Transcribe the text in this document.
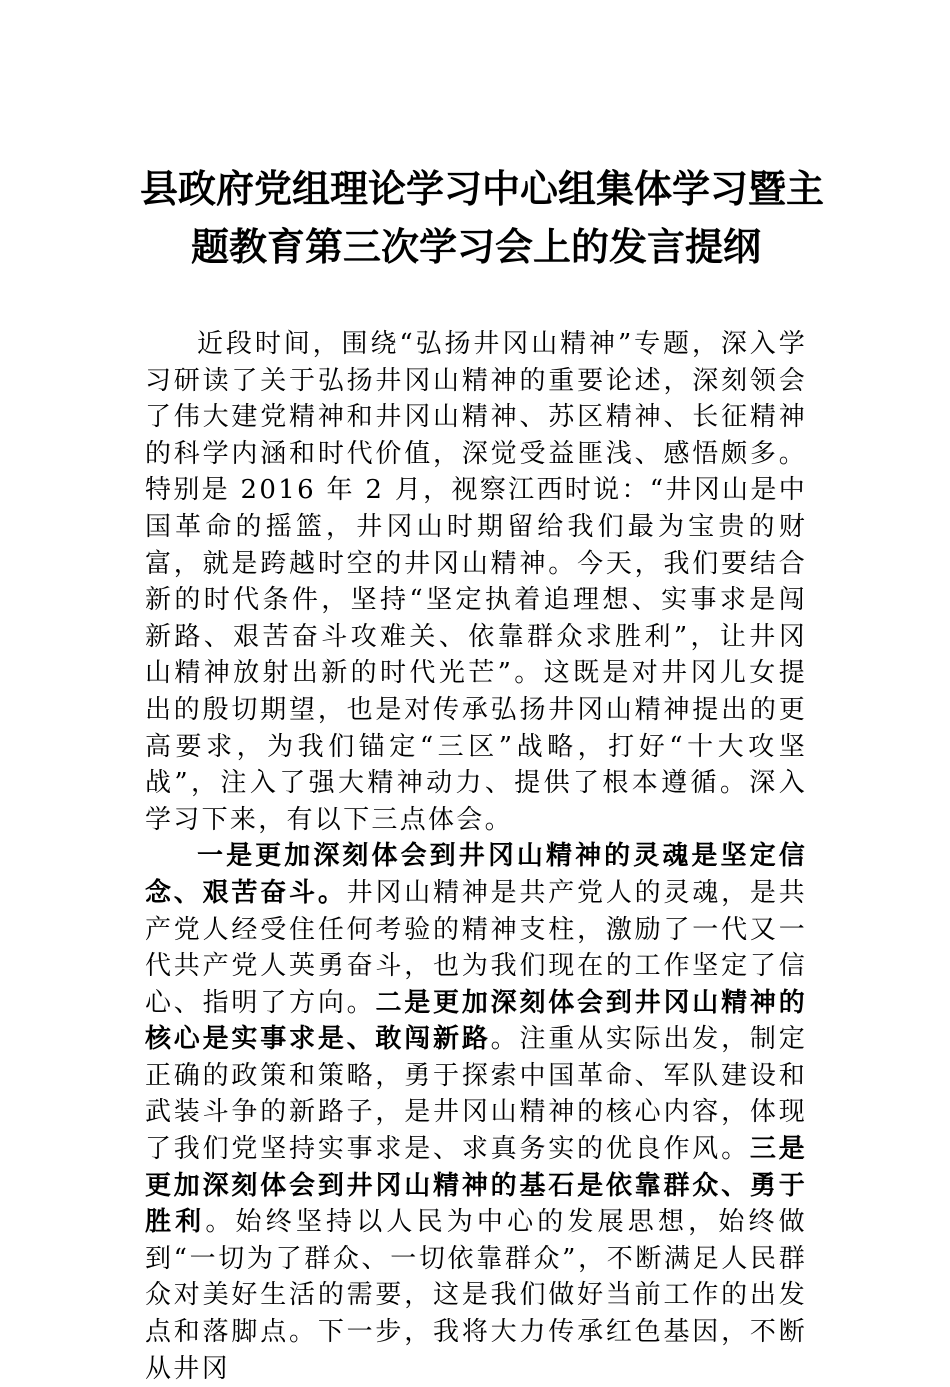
县政府党组理论学习中心组集体学习暨主
题教育第三次学习会上的发言提纲

近段时间，围绕“弘扬井冈山精神”专题，深入学习研读了关于弘扬井冈山精神的重要论述，深刻领会了伟大建党精神和井冈山精神、苏区精神、长征精神的科学内涵和时代价值，深觉受益匪浅、感悟颇多。特别是 2016 年 2 月，视察江西时说：“井冈山是中国革命的摇篮，井冈山时期留给我们最为宝贵的财富，就是跨越时空的井冈山精神。今天，我们要结合新的时代条件，坚持“坚定执着追理想、实事求是闯新路、艰苦奋斗攻难关、依靠群众求胜利”，让井冈山精神放射出新的时代光芒”。这既是对井冈儿女提出的殷切期望，也是对传承弘扬井冈山精神提出的更高要求，为我们锚定“三区”战略，打好“十大攻坚战”，注入了强大精神动力、提供了根本遵循。深入学习下来，有以下三点体会。

一是更加深刻体会到井冈山精神的灵魂是坚定信念、艰苦奋斗。井冈山精神是共产党人的灵魂，是共产党人经受住任何考验的精神支柱，激励了一代又一代共产党人英勇奋斗，也为我们现在的工作坚定了信心、指明了方向。二是更加深刻体会到井冈山精神的核心是实事求是、敢闯新路。注重从实际出发，制定正确的政策和策略，勇于探索中国革命、军队建设和武装斗争的新路子，是井冈山精神的核心内容，体现了我们党坚持实事求是、求真务实的优良作风。三是更加深刻体会到井冈山精神的基石是依靠群众、勇于胜利。始终坚持以人民为中心的发展思想，始终做到“一切为了群众、一切依靠群众”，不断满足人民群众对美好生活的需要，这是我们做好当前工作的出发点和落脚点。下一步，我将大力传承红色基因，不断从井冈
